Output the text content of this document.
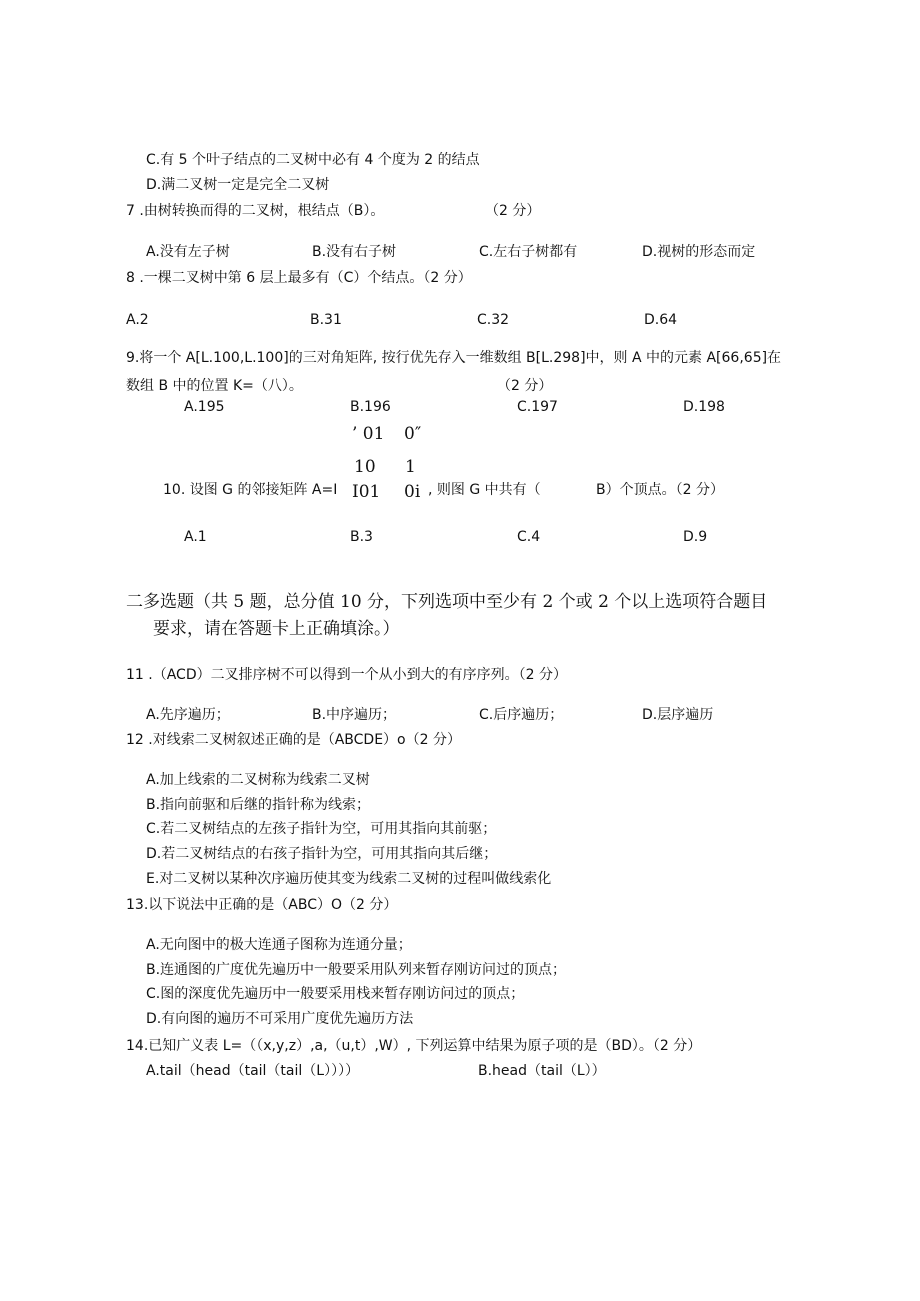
C.有 5 个叶子结点的二叉树中必有 4 个度为 2 的结点
D.满二叉树一定是完全二叉树
7 .由树转换而得的二叉树，根结点（B）。	（2 分）
A.没有左子树	B.没有右子树	C.左右子树都有	D.视树的形态而定
8 .一棵二叉树中第 6 层上最多有（C）个结点。（2 分）
A.2	B.31	C.32	D.64
9.将一个 A[L.100,L.100]的三对角矩阵, 按行优先存入一维数组 B[L.298]中，则 A 中的元素 A[66,65]在
数组 B 中的位置 K=（八）。	（2 分）
A.195	B.196	C.197	D.198
’ 01 0″
10 1
10. 设图 G 的邻接矩阵 A=I I01 0i , 则图 G 中共有（	B）个顶点。（2 分）
A.1	B.3	C.4	D.9
二多选题（共 5 题，总分值 10 分，下列选项中至少有 2 个或 2 个以上选项符合题目
要求，请在答题卡上正确填涂。）
11 .（ACD）二叉排序树不可以得到一个从小到大的有序序列。（2 分）
A.先序遍历；	B.中序遍历；	C.后序遍历；	D.层序遍历
12 .对线索二叉树叙述正确的是（ABCDE）o（2 分）
A.加上线索的二叉树称为线索二叉树
B.指向前驱和后继的指针称为线索；
C.若二叉树结点的左孩子指针为空，可用其指向其前驱；
D.若二叉树结点的右孩子指针为空，可用其指向其后继；
E.对二叉树以某种次序遍历使其变为线索二叉树的过程叫做线索化
13.以下说法中正确的是（ABC）O（2 分）
A.无向图中的极大连通子图称为连通分量；
B.连通图的广度优先遍历中一般要采用队列来暂存刚访问过的顶点；
C.图的深度优先遍历中一般要采用栈来暂存刚访问过的顶点；
D.有向图的遍历不可采用广度优先遍历方法
14.已知广义表 L=（（x,y,z）,a,（u,t）,W）, 下列运算中结果为原子项的是（BD）。（2 分）
A.tail（head（tail（tail（L））））	B.head（tail（L））
